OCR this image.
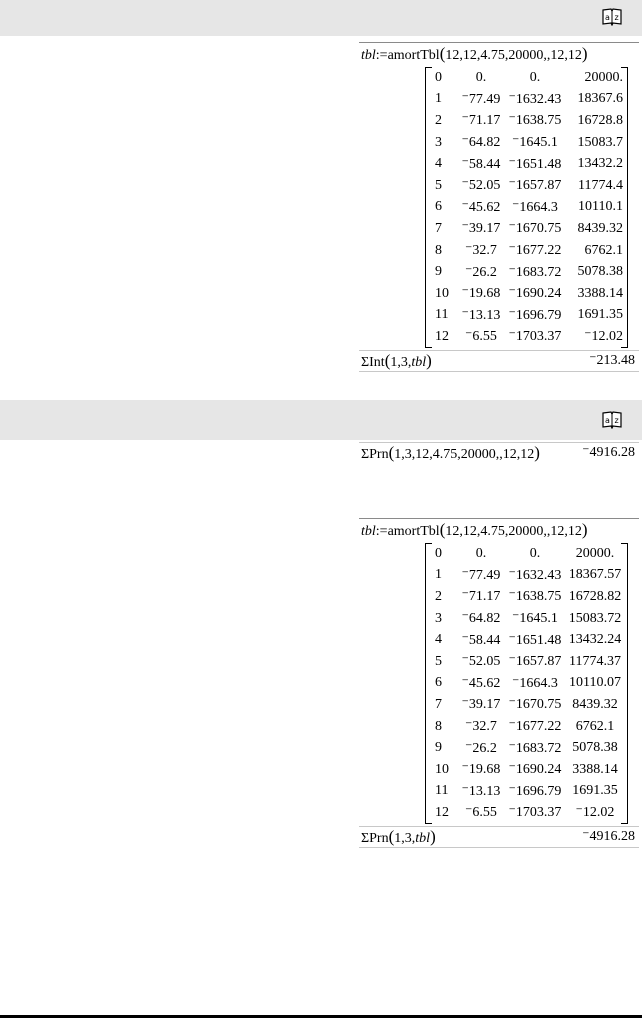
a z
tbl:=amortTbl(12,12,4.75,20000,,12,12)
0	0.	0.	20000.
1	⁻77.49	⁻1632.43	18367.6
2	⁻71.17	⁻1638.75	16728.8
3	⁻64.82	⁻1645.1	15083.7
4	⁻58.44	⁻1651.48	13432.2
5	⁻52.05	⁻1657.87	11774.4
6	⁻45.62	⁻1664.3	10110.1
7	⁻39.17	⁻1670.75	8439.32
8	⁻32.7	⁻1677.22	6762.1
9	⁻26.2	⁻1683.72	5078.38
10	⁻19.68	⁻1690.24	3388.14
11	⁻13.13	⁻1696.79	1691.35
12	⁻6.55	⁻1703.37	⁻12.02
ΣInt(1,3,tbl)	⁻213.48
a z
ΣPrn(1,3,12,4.75,20000,,12,12)	⁻4916.28
tbl:=amortTbl(12,12,4.75,20000,,12,12)
0	0.	0.	20000.
1	⁻77.49	⁻1632.43	18367.57
2	⁻71.17	⁻1638.75	16728.82
3	⁻64.82	⁻1645.1	15083.72
4	⁻58.44	⁻1651.48	13432.24
5	⁻52.05	⁻1657.87	11774.37
6	⁻45.62	⁻1664.3	10110.07
7	⁻39.17	⁻1670.75	8439.32
8	⁻32.7	⁻1677.22	6762.1
9	⁻26.2	⁻1683.72	5078.38
10	⁻19.68	⁻1690.24	3388.14
11	⁻13.13	⁻1696.79	1691.35
12	⁻6.55	⁻1703.37	⁻12.02
ΣPrn(1,3,tbl)	⁻4916.28
